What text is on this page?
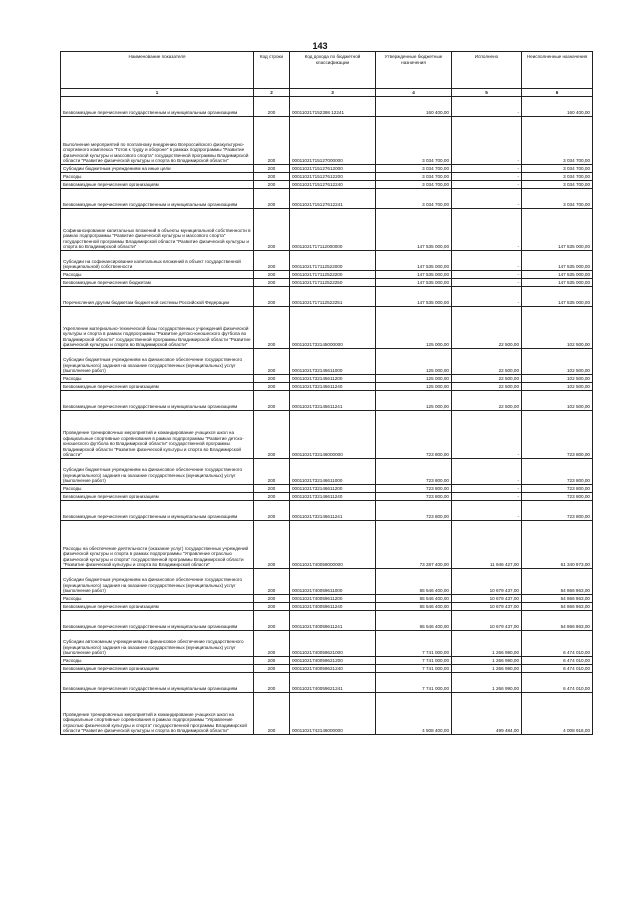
143
Наименование показателя	Код строки	Код дохода по бюджетной классификации	Утвержденные бюджетные назначения	Исполнено	Неисполненные назначения
1	2	3	4	5	6
Безвозмездные перечисления государственным и муниципальным организациям	200	000110217152398 12241	160 400,00	-	160 400,00
Выполнение мероприятий по поэтапному внедрению Всероссийского физкультурно-спортивного комплекса "Готов к труду и обороне" в рамках подпрограммы "Развитие физической культуры и массового спорта" государственной программы Владимирской области "Развитие физической культуры и спорта во Владимирской области"	200	00011021715127000000	3 034 700,00	-	3 034 700,00
Субсидии бюджетным учреждениям на иные цели	200	00011021715127612000	3 034 700,00	-	3 034 700,00
Расходы	200	00011021715127612200	3 034 700,00	-	3 034 700,00
Безвозмездные перечисления организациям	200	00011021715127612240	3 034 700,00	-	3 034 700,00
Безвозмездные перечисления государственным и муниципальным организациям	200	00011021715127612241	3 034 700,00	-	3 034 700,00
Софинансирование капитальных вложений в объекты муниципальной собственности в рамках подпрограммы "Развитие физической культуры и массового спорта" государственной программы Владимирской области "Развитие физической культуры и спорта во Владимирской области"	200	00011021717112000000	147 535 000,00	-	147 535 000,00
Субсидии на софинансирование капитальных вложений в объект государственной (муниципальной) собственности	200	00011021717112522000	147 535 000,00	-	147 535 000,00
Расходы	200	00011021717112522200	147 535 000,00	-	147 535 000,00
Безвозмездные перечисления бюджетам	200	00011021717112522250	147 535 000,00	-	147 535 000,00
Перечисления другим бюджетам бюджетной системы Российской Федерации	200	00011021717112522251	147 535 000,00	-	147 535 000,00
Укрепление материально-технической базы государственных учреждений физической культуры и спорта в рамках подпрограммы "Развитие детско-юношеского футбола во Владимирской области" государственной программы Владимирской области "Развитие физической культуры и спорта во Владимирской области"	200	00011021732145000000	125 000,00	22 500,00	102 500,00
Субсидии бюджетным учреждениям на финансовое обеспечение государственного (муниципального) задания на оказание государственных (муниципальных) услуг (выполнение работ)	200	00011021732145611000	125 000,00	22 500,00	102 500,00
Расходы	200	00011021732145611200	125 000,00	22 500,00	102 500,00
Безвозмездные перечисления организациям	200	00011021732145611240	125 000,00	22 500,00	102 500,00
Безвозмездные перечисления государственным и муниципальным организациям	200	00011021732145611241	125 000,00	22 500,00	102 500,00
Проведение тренировочных мероприятий и командирование учащихся школ на официальные спортивные соревнования в рамках подпрограммы "Развитие детско-юношеского футбола во Владимирской области" государственной программы Владимирской области "Развитие физической культуры и спорта во Владимирской области"	200	00011021732146000000	723 800,00	-	723 800,00
Субсидии бюджетным учреждениям на финансовое обеспечение государственного (муниципального) задания на оказание государственных (муниципальных) услуг (выполнение работ)	200	00011021732146611000	723 800,00	-	723 800,00
Расходы	200	00011021732146611200	723 800,00	-	723 800,00
Безвозмездные перечисления организациям	200	00011021732146611240	723 800,00	-	723 800,00
Безвозмездные перечисления государственным и муниципальным организациям	200	00011021732146611241	723 800,00	-	723 800,00
Расходы на обеспечение деятельности (оказание услуг) государственных учреждений физической культуры и спорта в рамках подпрограммы "Управление отраслью физической культуры и спорта" государственной программы Владимирской области "Развитие физической культуры и спорта во Владимирской области"	200	00011021740059000000	73 287 400,00	11 946 427,00	61 340 973,00
Субсидии бюджетным учреждениям на финансовое обеспечение государственного (муниципального) задания на оказание государственных (муниципальных) услуг (выполнение работ)	200	00011021740059611000	65 546 400,00	10 679 437,00	54 866 963,00
Расходы	200	00011021740059611200	65 546 400,00	10 679 437,00	54 866 963,00
Безвозмездные перечисления организациям	200	00011021740059611240	65 546 400,00	10 679 437,00	54 866 963,00
Безвозмездные перечисления государственным и муниципальным организациям	200	00011021740059611241	65 546 400,00	10 679 437,00	54 866 963,00
Субсидии автономным учреждениям на финансовое обеспечение государственного (муниципального) задания на оказание государственных (муниципальных) услуг (выполнение работ)	200	00011021740059621000	7 741 000,00	1 266 990,00	6 474 010,00
Расходы	200	00011021740059621200	7 741 000,00	1 266 990,00	6 474 010,00
Безвозмездные перечисления организациям	200	00011021740059621240	7 741 000,00	1 266 990,00	6 474 010,00
Безвозмездные перечисления государственным и муниципальным организациям	200	00011021740059621241	7 741 000,00	1 266 990,00	6 474 010,00
Проведение тренировочных мероприятий и командирование учащихся школ на официальные спортивные соревнования в рамках подпрограммы "Управление отраслью физической культуры и спорта" государственной программы Владимирской области "Развитие физической культуры и спорта во Владимирской области"	200	00011021742146000000	4 508 400,00	499 484,00	4 008 916,00
